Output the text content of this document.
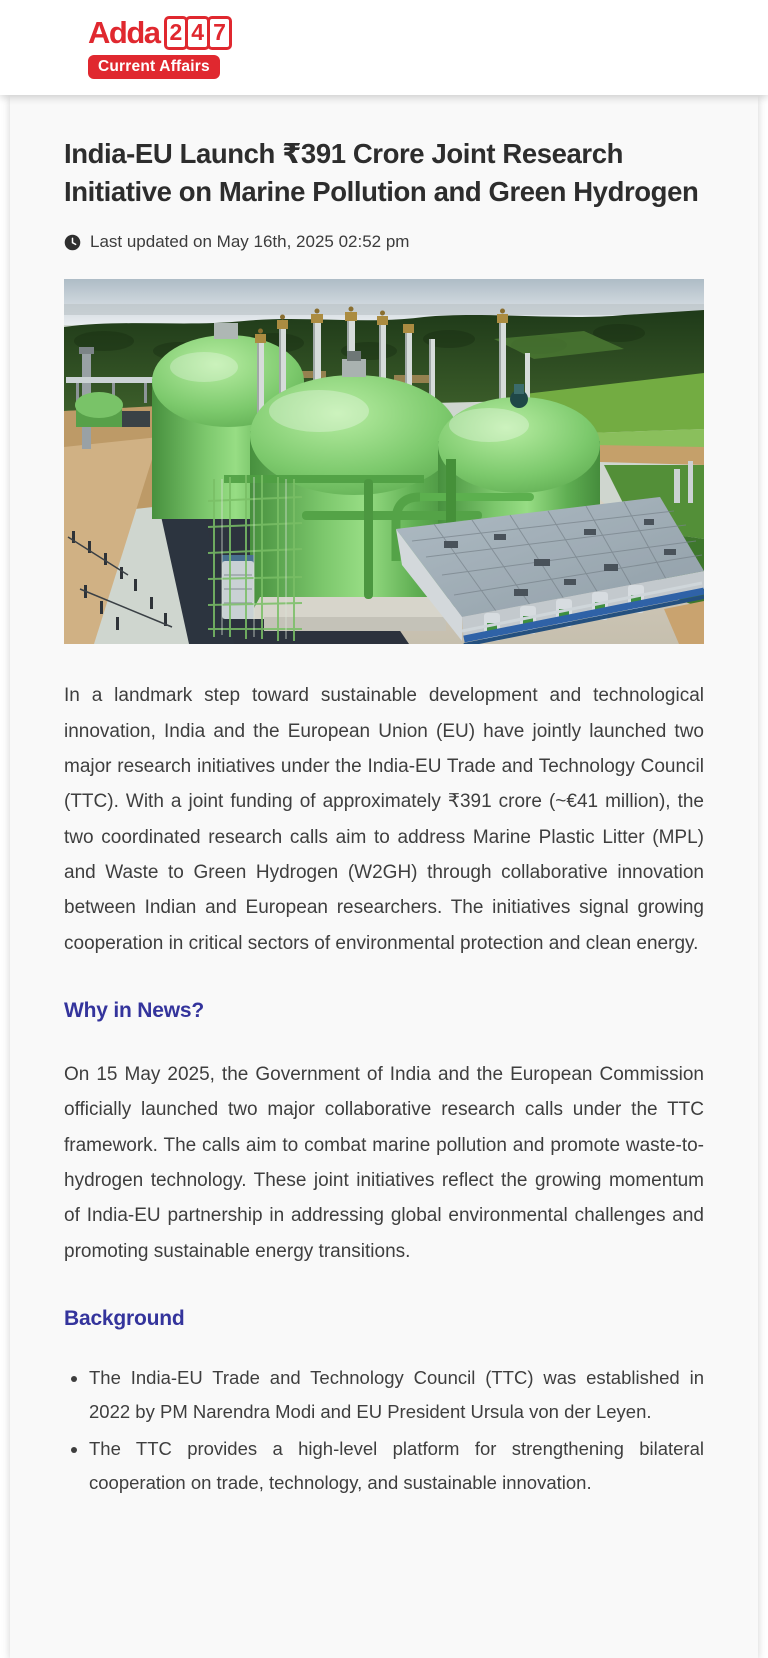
Adda 2 4 7
Current Affairs
India-EU Launch ₹391 Crore Joint Research Initiative on Marine Pollution and Green Hydrogen
Last updated on May 16th, 2025 02:52 pm

In a landmark step toward sustainable development and technological innovation, India and the European Union (EU) have jointly launched two major research initiatives under the India-EU Trade and Technology Council (TTC). With a joint funding of approximately ₹391 crore (~€41 million), the two coordinated research calls aim to address Marine Plastic Litter (MPL) and Waste to Green Hydrogen (W2GH) through collaborative innovation between Indian and European researchers. The initiatives signal growing cooperation in critical sectors of environmental protection and clean energy.

Why in News?

On 15 May 2025, the Government of India and the European Commission officially launched two major collaborative research calls under the TTC framework. The calls aim to combat marine pollution and promote waste-to-hydrogen technology. These joint initiatives reflect the growing momentum of India-EU partnership in addressing global environmental challenges and promoting sustainable energy transitions.

Background
• The India-EU Trade and Technology Council (TTC) was established in 2022 by PM Narendra Modi and EU President Ursula von der Leyen.
• The TTC provides a high-level platform for strengthening bilateral cooperation on trade, technology, and sustainable innovation.
